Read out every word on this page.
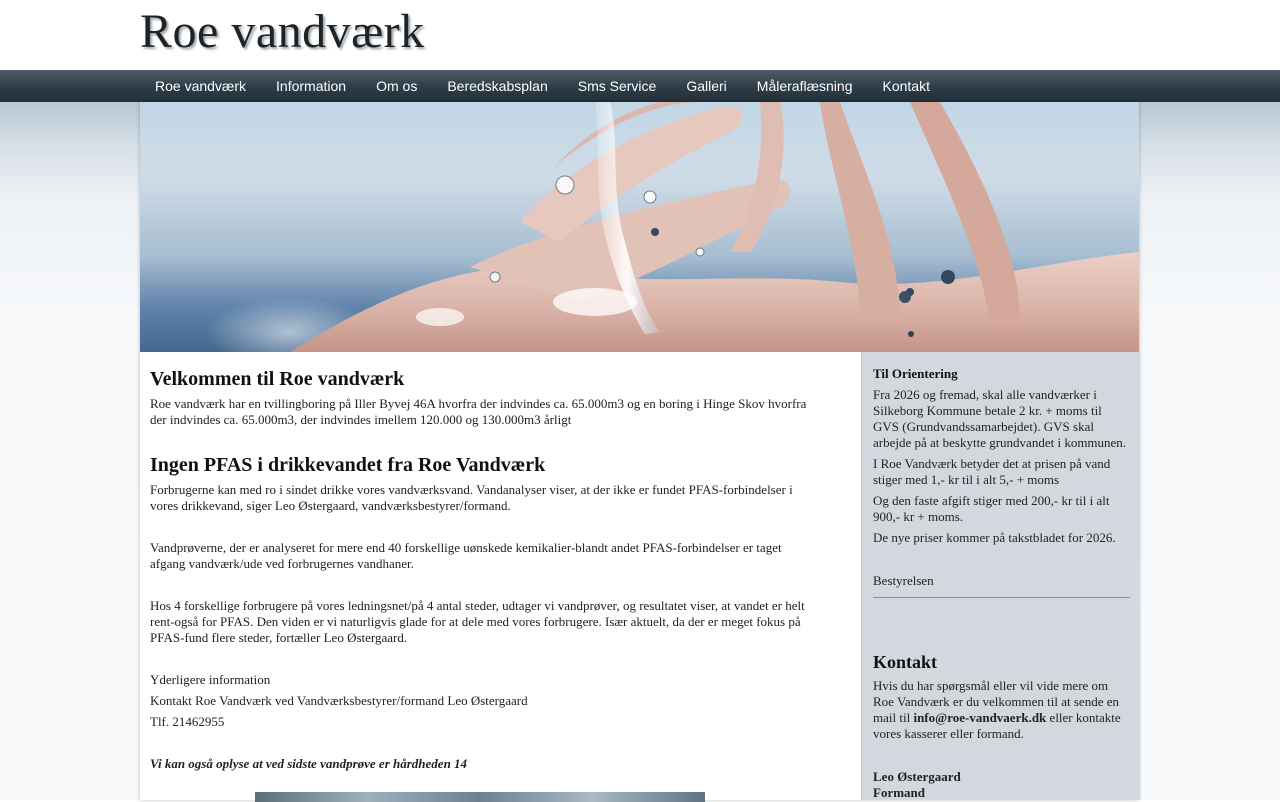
Roe vandværk
Roe vandværk	Information	Om os	Beredskabsplan	Sms Service	Galleri	Måleraflæsning	Kontakt
Velkommen til Roe vandværk

Roe vandværk har en tvillingboring på Iller Byvej 46A hvorfra der indvindes ca. 65.000m3 og en boring i Hinge Skov hvorfra der indvindes ca. 65.000m3, der indvindes imellem 120.000 og 130.000m3 årligt

Ingen PFAS i drikkevandet fra Roe Vandværk

Forbrugerne kan med ro i sindet drikke vores vandværksvand. Vandanalyser viser, at der ikke er fundet PFAS-forbindelser i vores drikkevand, siger Leo Østergaard, vandværksbestyrer/formand.

Vandprøverne, der er analyseret for mere end 40 forskellige uønskede kemikalier-blandt andet PFAS-forbindelser er taget afgang vandværk/ude ved forbrugernes vandhaner.

Hos 4 forskellige forbrugere på vores ledningsnet/på 4 antal steder, udtager vi vandprøver, og resultatet viser, at vandet er helt rent-også for PFAS. Den viden er vi naturligvis glade for at dele med vores forbrugere. Især aktuelt, da der er meget fokus på PFAS-fund flere steder, fortæller Leo Østergaard.

Yderligere information

Kontakt Roe Vandværk ved Vandværksbestyrer/formand Leo Østergaard

Tlf. 21462955

Vi kan også oplyse at ved sidste vandprøve er hårdheden 14

Til Orientering

Fra 2026 og fremad, skal alle vandværker i Silkeborg Kommune betale 2 kr. + moms til GVS (Grundvandssamarbejdet). GVS skal arbejde på at beskytte grundvandet i kommunen.

I Roe Vandværk betyder det at prisen på vand stiger med 1,- kr til i alt 5,- + moms

Og den faste afgift stiger med 200,- kr til i alt 900,- kr + moms.

De nye priser kommer på takstbladet for 2026.

Bestyrelsen

Kontakt

Hvis du har spørgsmål eller vil vide mere om Roe Vandværk er du velkommen til at sende en mail til info@roe-vandvaerk.dk eller kontakte vores kasserer eller formand.

Leo Østergaard

Formand
